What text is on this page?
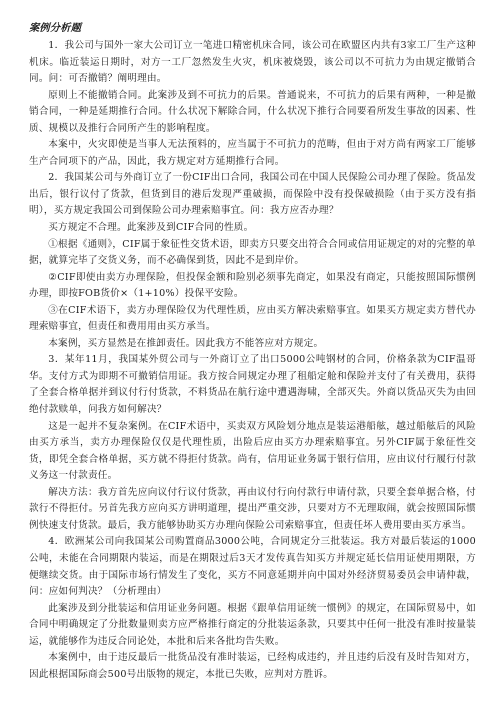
案例分析题

1．我公司与国外一家大公司订立一笔进口精密机床合同，该公司在欧盟区内共有3家工厂生产这种机床。临近装运日期时，对方一工厂忽然发生火灾，机床被烧毁，该公司以不可抗力为由规定撤销合同。问：可否撤销？阐明理由。

原则上不能撤销合同。此案涉及到不可抗力的后果。普通说来，不可抗力的后果有两种，一种是撤销合同，一种是延期推行合同。什么状况下解除合同，什么状况下推行合同要看所发生事故的因素、性质、规模以及推行合同所产生的影响程度。

本案中，火灾即使是当事人无法预料的，应当属于不可抗力的范畴，但由于对方尚有两家工厂能够生产合同项下的产品，因此，我方规定对方延期推行合同。

2．我国某公司与外商订立了一份CIF出口合同，我国公司在中国人民保险公司办理了保险。货品发出后，银行议付了货款，但货到目的港后发现严重破损，而保险中没有投保破损险（由于买方没有指明），买方规定我国公司到保险公司办理索赔事宜。问：我方应否办理？

买方规定不合理。此案涉及到CIF合同的性质。

①根据《通则》，CIF属于象征性交货术语，即卖方只要交出符合合同或信用证规定的对的完整的单据，就算完毕了交货义务，而不必确保到货，因此不是到岸价。

②CIF即使由卖方办理保险，但投保金额和险别必须事先商定，如果没有商定，只能按照国际惯例办理，即按FOB货价×（1+10%）投保平安险。

③在CIF术语下，卖方办理保险仅为代理性质，应由买方解决索赔事宜。如果买方规定卖方替代办理索赔事宜，但责任和费用用由买方承当。

本案例，买方显然是在推卸责任。因此我方不能答应对方规定。

3．某年11月，我国某外贸公司与一外商订立了出口5000公吨钢材的合同，价格条款为CIF温哥华。支付方式为即期不可撤销信用证。我方按合同规定办理了租船定舱和保险并支付了有关费用，获得了全套合格单据并到议付行付货款，不料货品在航行途中遭遇海啸，全部灭失。外商以货品灭失为由回绝付款赎单，问我方如何解决？

这是一起并不复杂案例。在CIF术语中，买卖双方风险划分地点是装运港船舷，越过船舷后的风险由买方承当，卖方办理保险仅仅是代理性质，出险后应由买方办理索赔事宜。另外CIF属于象征性交货，即凭全套合格单据，买方就不得拒付货款。尚有，信用证业务属于银行信用，应由议付行履行付款义务这一付款责任。

解决方法：我方首先应向议付行议付货款，再由议付行向付款行申请付款，只要全套单据合格，付款行不得拒付。另首先我方应向买方讲明道理，提出严重交涉，只要对方不无理取闹，就会按照国际惯例快速支付货款。最后，我方能够协助买方办理向保险公司索赔事宜，但责任坏人费用要由买方承当。

4．欧洲某公司向我国某公司购置商品3000公吨，合同规定分三批装运。我方对最后装运的1000公吨，未能在合同期限内装运，而是在期限过后3天才发传真告知买方并规定延长信用证使用期限，方便继续交货。由于国际市场行情发生了变化，买方不同意延期并向中国对外经济贸易委员会申请仲裁，问：应如何判决？（分析理由）

此案涉及到分批装运和信用证业务问题。根据《跟单信用证统一惯例》的规定，在国际贸易中，如合同中明确规定了分批数量则卖方应严格推行商定的分批装运条款，只要其中任何一批没有准时按量装运，就能够作为违反合同论处，本批和后来各批均告失败。

本案例中，由于违反最后一批货品没有准时装运，已经构成违约，并且违约后没有及时告知对方，因此根据国际商会500号出版物的规定，本批已失败，应判对方胜诉。
